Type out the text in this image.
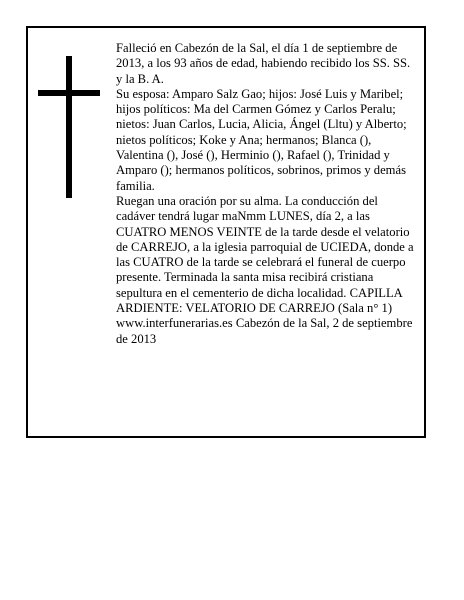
Falleció en Cabezón de la Sal, el día 1 de septiembre de 2013, a los 93 años de edad, habiendo recibido los SS. SS. y la B. A.

Su esposa: Amparo Salz Gao; hijos: José Luis y Maribel; hijos políticos: Ma del Carmen Gómez y Carlos Peralu; nietos: Juan Carlos, Lucia, Alicia, Ángel (Lltu) y Alberto; nietos políticos; Koke y Ana; hermanos; Blanca (), Valentina (), José (), Herminio (), Rafael (), Trinidad y Amparo (); hermanos políticos, sobrinos, primos y demás familia.

Ruegan una oración por su alma. La conducción del cadáver tendrá lugar maNmm LUNES, día 2, a las CUATRO MENOS VEINTE de la tarde desde el velatorio de CARREJO, a la iglesia parroquial de UCIEDA, donde a las CUATRO de la tarde se celebrará el funeral de cuerpo presente. Terminada la santa misa recibirá cristiana sepultura en el cementerio de dicha localidad. CAPILLA ARDIENTE: VELATORIO DE CARREJO (Sala n° 1) www.interfunerarias.es Cabezón de la Sal, 2 de septiembre de 2013
